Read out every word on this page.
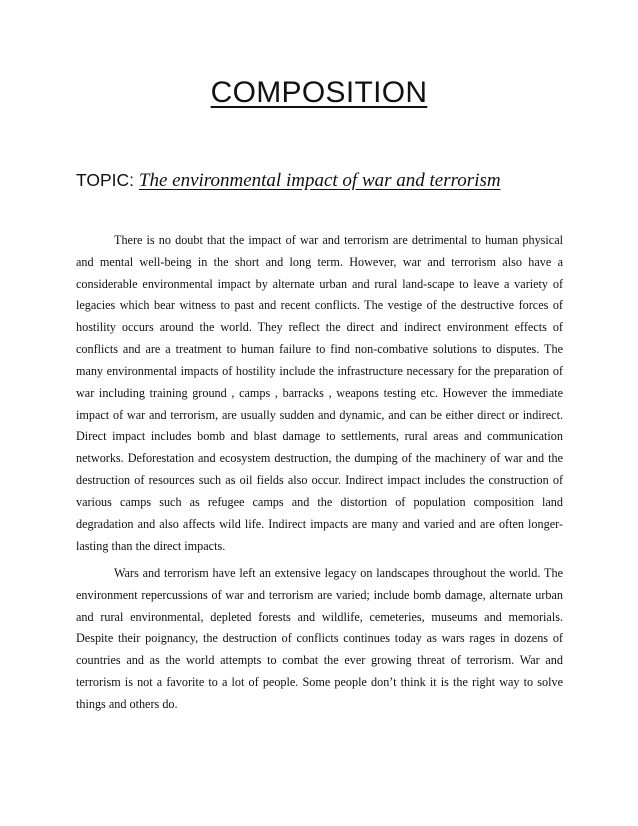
COMPOSITION
TOPIC: The environmental impact of war and terrorism

There is no doubt that the impact of war and terrorism are detrimental to human physical and mental well-being in the short and long term. However, war and terrorism also have a considerable environmental impact by alternate urban and rural land-scape to leave a variety of legacies which bear witness to past and recent conflicts. The vestige of the destructive forces of hostility occurs around the world. They reflect the direct and indirect environment effects of conflicts and are a treatment to human failure to find non-combative solutions to disputes. The many environmental impacts of hostility include the infrastructure necessary for the preparation of war including training ground , camps , barracks , weapons testing etc. However the immediate impact of war and terrorism, are usually sudden and dynamic, and can be either direct or indirect. Direct impact includes bomb and blast damage to settlements, rural areas and communication networks. Deforestation and ecosystem destruction, the dumping of the machinery of war and the destruction of resources such as oil fields also occur. Indirect impact includes the construction of various camps such as refugee camps and the distortion of population composition land degradation and also affects wild life. Indirect impacts are many and varied and are often longer-lasting than the direct impacts.

Wars and terrorism have left an extensive legacy on landscapes throughout the world. The environment repercussions of war and terrorism are varied; include bomb damage, alternate urban and rural environmental, depleted forests and wildlife, cemeteries, museums and memorials. Despite their poignancy, the destruction of conflicts continues today as wars rages in dozens of countries and as the world attempts to combat the ever growing threat of terrorism. War and terrorism is not a favorite to a lot of people. Some people don’t think it is the right way to solve things and others do.
